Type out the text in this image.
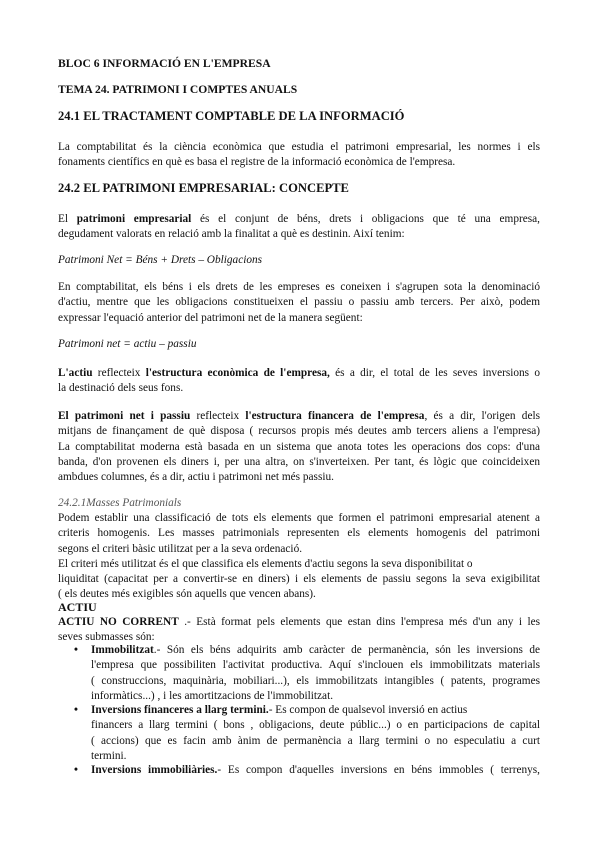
BLOC 6 INFORMACIÓ EN L'EMPRESA
TEMA 24. PATRIMONI I COMPTES ANUALS
24.1 EL TRACTAMENT COMPTABLE DE LA INFORMACIÓ
La comptabilitat és la ciència econòmica que estudia el patrimoni empresarial, les normes i els
fonaments científics en què es basa el registre de la informació econòmica de l'empresa.
24.2 EL PATRIMONI EMPRESARIAL: CONCEPTE
El patrimoni empresarial és el conjunt de béns, drets i obligacions que té una empresa,
degudament valorats en relació amb la finalitat a què es destinin. Així tenim:
Patrimoni Net = Béns + Drets – Obligacions
En comptabilitat, els béns i els drets de les empreses es coneixen i s'agrupen sota la denominació
d'actiu, mentre que les obligacions constitueixen el passiu o passiu amb tercers. Per això, podem
expressar l'equació anterior del patrimoni net de la manera següent:
Patrimoni net = actiu – passiu
L'actiu reflecteix l'estructura econòmica de l'empresa, és a dir, el total de les seves inversions o
la destinació dels seus fons.
El patrimoni net i passiu reflecteix l'estructura financera de l'empresa, és a dir, l'origen dels
mitjans de finançament de què disposa ( recursos propis més deutes amb tercers aliens a l'empresa)
La comptabilitat moderna està basada en un sistema que anota totes les operacions dos cops: d'una
banda, d'on provenen els diners i, per una altra, on s'inverteixen. Per tant, és lògic que coincideixen
ambdues columnes, és a dir, actiu i patrimoni net més passiu.
24.2.1Masses Patrimonials
Podem establir una classificació de tots els elements que formen el patrimoni empresarial atenent a
criteris homogenis. Les masses patrimonials representen els elements homogenis del patrimoni
segons el criteri bàsic utilitzat per a la seva ordenació.
El criteri més utilitzat és el que classifica els elements d'actiu segons la seva disponibilitat o
liquiditat (capacitat per a convertir-se en diners) i els elements de passiu segons la seva exigibilitat
( els deutes més exigibles són aquells que vencen abans).
ACTIU
ACTIU NO CORRENT .- Està format pels elements que estan dins l'empresa més d'un any i les
seves submasses són:
• Immobilitzat.- Són els béns adquirits amb caràcter de permanència, són les inversions de
l'empresa que possibiliten l'activitat productiva. Aquí s'inclouen els immobilitzats materials
( construccions, maquinària, mobiliari...), els immobilitzats intangibles ( patents, programes
informàtics...) , i les amortitzacions de l'immobilitzat.
• Inversions financeres a llarg termini.- Es compon de qualsevol inversió en actius
financers a llarg termini ( bons , obligacions, deute públic...) o en participacions de capital
( accions) que es facin amb ànim de permanència a llarg termini o no especulatiu a curt
termini.
• Inversions immobiliàries.- Es compon d'aquelles inversions en béns immobles ( terrenys,
